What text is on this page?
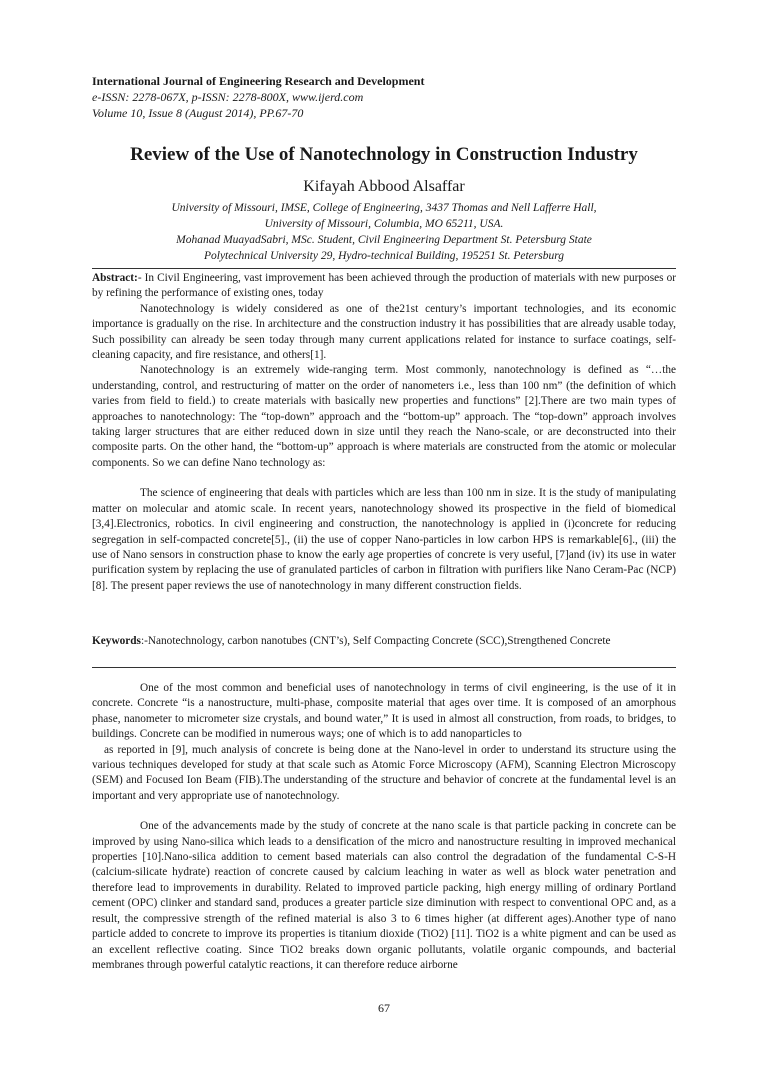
International Journal of Engineering Research and Development
e-ISSN: 2278-067X, p-ISSN: 2278-800X, www.ijerd.com
Volume 10, Issue 8 (August 2014), PP.67-70
Review of the Use of Nanotechnology in Construction Industry
Kifayah Abbood Alsaffar
University of Missouri, IMSE, College of Engineering, 3437 Thomas and Nell Lafferre Hall,
University of Missouri, Columbia, MO 65211, USA.
Mohanad MuayadSabri, MSc. Student, Civil Engineering Department St. Petersburg State
Polytechnical University 29, Hydro-technical Building, 195251 St. Petersburg

Abstract:- In Civil Engineering, vast improvement has been achieved through the production of materials with new purposes or by refining the performance of existing ones, today

Nanotechnology is widely considered as one of the21st century’s important technologies, and its economic importance is gradually on the rise. In architecture and the construction industry it has possibilities that are already usable today, Such possibility can already be seen today through many current applications related for instance to surface coatings, self-cleaning capacity, and fire resistance, and others[1].

Nanotechnology is an extremely wide-ranging term. Most commonly, nanotechnology is defined as “…the understanding, control, and restructuring of matter on the order of nanometers i.e., less than 100 nm” (the definition of which varies from field to field.) to create materials with basically new properties and functions” [2].There are two main types of approaches to nanotechnology: The “top-down” approach and the “bottom-up” approach. The “top-down” approach involves taking larger structures that are either reduced down in size until they reach the Nano-scale, or are deconstructed into their composite parts. On the other hand, the “bottom-up” approach is where materials are constructed from the atomic or molecular components. So we can define Nano technology as:

The science of engineering that deals with particles which are less than 100 nm in size. It is the study of manipulating matter on molecular and atomic scale. In recent years, nanotechnology showed its prospective in the field of biomedical [3,4].Electronics, robotics. In civil engineering and construction, the nanotechnology is applied in (i)concrete for reducing segregation in self-compacted concrete[5]., (ii) the use of copper Nano-particles in low carbon HPS is remarkable[6]., (iii) the use of Nano sensors in construction phase to know the early age properties of concrete is very useful, [7]and (iv) its use in water purification system by replacing the use of granulated particles of carbon in filtration with purifiers like Nano Ceram-Pac (NCP) [8]. The present paper reviews the use of nanotechnology in many different construction fields.

Keywords:-Nanotechnology, carbon nanotubes (CNT’s), Self Compacting Concrete (SCC),Strengthened Concrete

One of the most common and beneficial uses of nanotechnology in terms of civil engineering, is the use of it in concrete. Concrete “is a nanostructure, multi-phase, composite material that ages over time. It is composed of an amorphous phase, nanometer to micrometer size crystals, and bound water,” It is used in almost all construction, from roads, to bridges, to buildings. Concrete can be modified in numerous ways; one of which is to add nanoparticles to

as reported in [9], much analysis of concrete is being done at the Nano-level in order to understand its structure using the various techniques developed for study at that scale such as Atomic Force Microscopy (AFM), Scanning Electron Microscopy (SEM) and Focused Ion Beam (FIB).The understanding of the structure and behavior of concrete at the fundamental level is an important and very appropriate use of nanotechnology.

One of the advancements made by the study of concrete at the nano scale is that particle packing in concrete can be improved by using Nano-silica which leads to a densification of the micro and nanostructure resulting in improved mechanical properties [10].Nano-silica addition to cement based materials can also control the degradation of the fundamental C-S-H (calcium-silicate hydrate) reaction of concrete caused by calcium leaching in water as well as block water penetration and therefore lead to improvements in durability. Related to improved particle packing, high energy milling of ordinary Portland cement (OPC) clinker and standard sand, produces a greater particle size diminution with respect to conventional OPC and, as a result, the compressive strength of the refined material is also 3 to 6 times higher (at different ages).Another type of nano particle added to concrete to improve its properties is titanium dioxide (TiO2) [11]. TiO2 is a white pigment and can be used as an excellent reflective coating. Since TiO2 breaks down organic pollutants, volatile organic compounds, and bacterial membranes through powerful catalytic reactions, it can therefore reduce airborne

67
